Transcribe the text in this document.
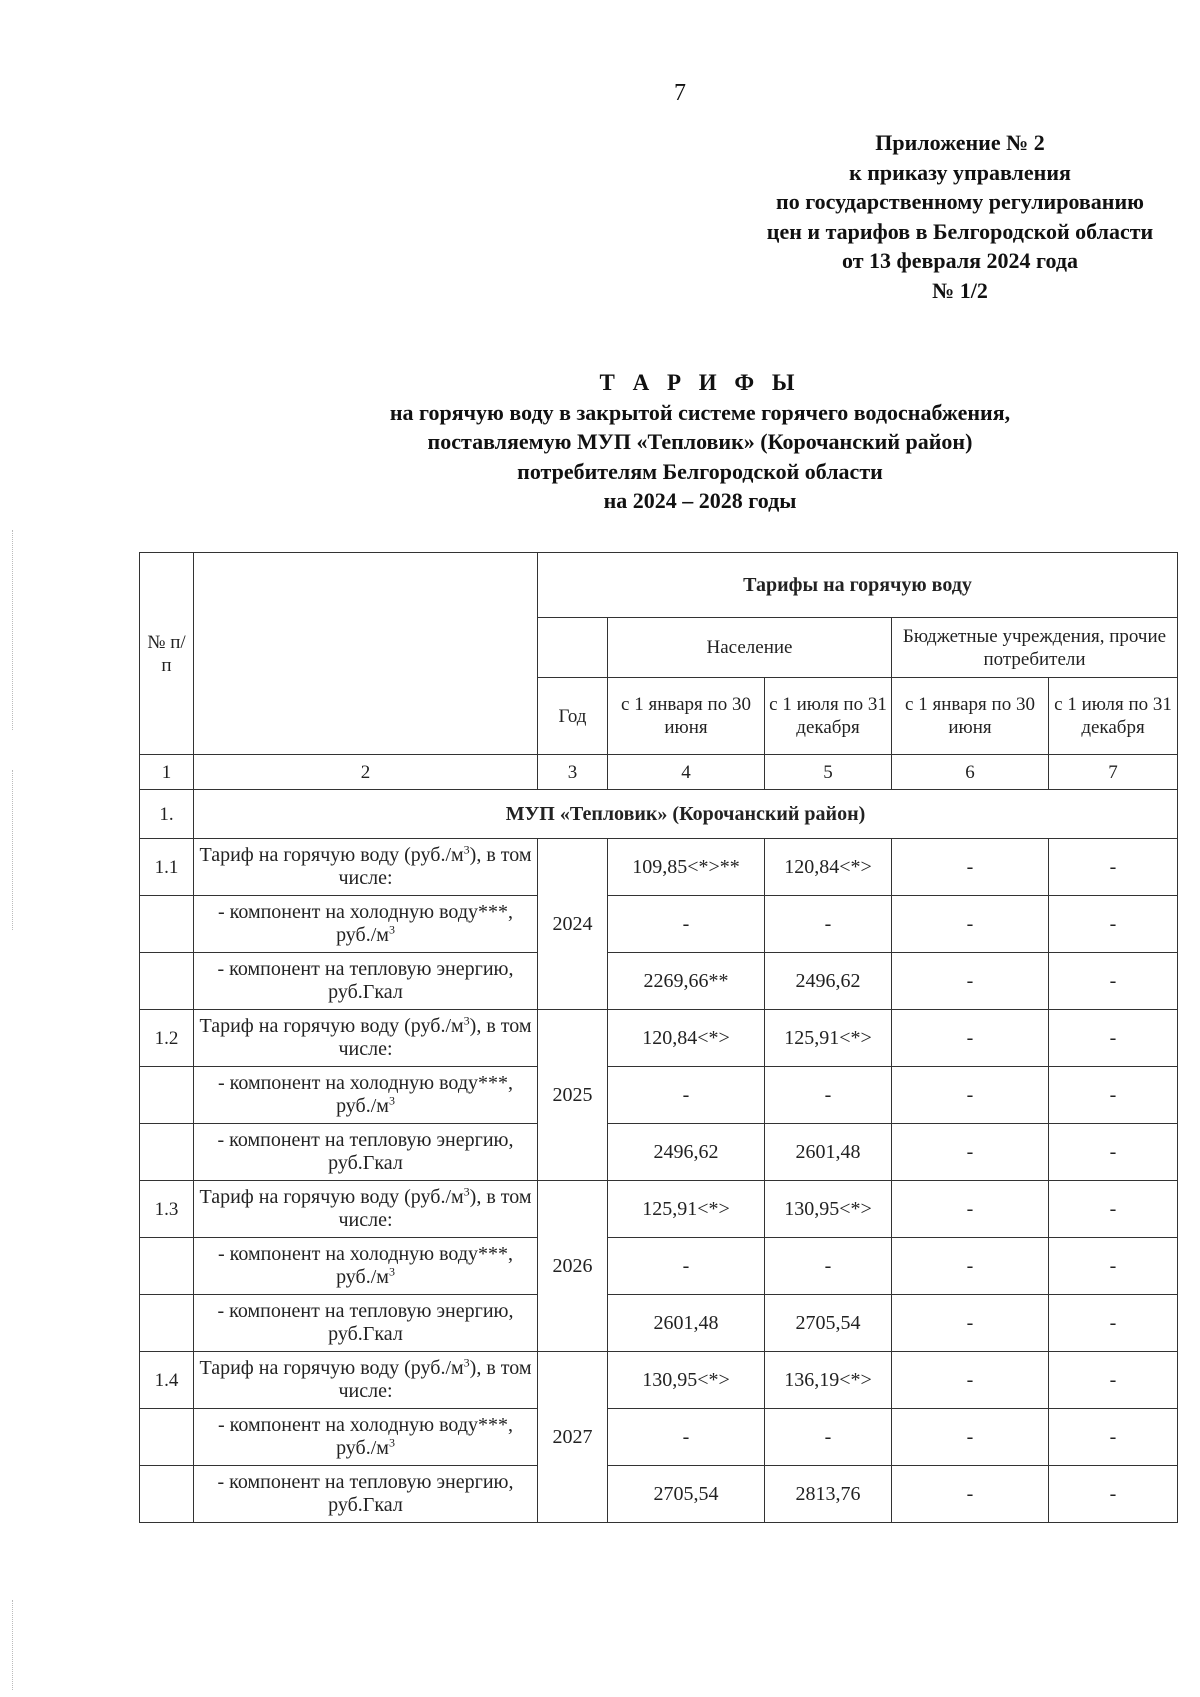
7
Приложение № 2
к приказу управления
по государственному регулированию
цен и тарифов в Белгородской области
от 13 февраля 2024 года
№ 1/2
Т А Р И Ф Ы
на горячую воду в закрытой системе горячего водоснабжения,
поставляемую МУП «Тепловик» (Корочанский район)
потребителям Белгородской области
на 2024 – 2028 годы
№ п/п		Тарифы на горячую воду				
			Население		Бюджетные учреждения, прочие потребители	
		Год	с 1 января по 30 июня	с 1 июля по 31 декабря	с 1 января по 30 июня	с 1 июля по 31 декабря
1	2	3	4	5	6	7
1.	МУП «Тепловик» (Корочанский район)					
1.1	Тариф на горячую воду $(руб./м^3)$, в том числе:	2024	109,85<*>**	120,84<*>	-	-
	- компонент на холодную воду***, $руб./м^3$		-	-	-	-
	- компонент на тепловую энергию, руб.Гкал		2269,66**	2496,62	-	-
1.2	Тариф на горячую воду $(руб./м^3)$, в том числе:	2025	120,84<*>	125,91<*>	-	-
	- компонент на холодную воду***, $руб./м^3$		-	-	-	-
	- компонент на тепловую энергию, руб.Гкал		2496,62	2601,48	-	-
1.3	Тариф на горячую воду $(руб./м^3)$, в том числе:	2026	125,91<*>	130,95<*>	-	-
	- компонент на холодную воду***, $руб./м^3$		-	-	-	-
	- компонент на тепловую энергию, руб.Гкал		2601,48	2705,54	-	-
1.4	Тариф на горячую воду $(руб./м^3)$, в том числе:	2027	130,95<*>	136,19<*>	-	-
	- компонент на холодную воду***, $руб./м^3$		-	-	-	-
	- компонент на тепловую энергию, руб.Гкал		2705,54	2813,76	-	-
